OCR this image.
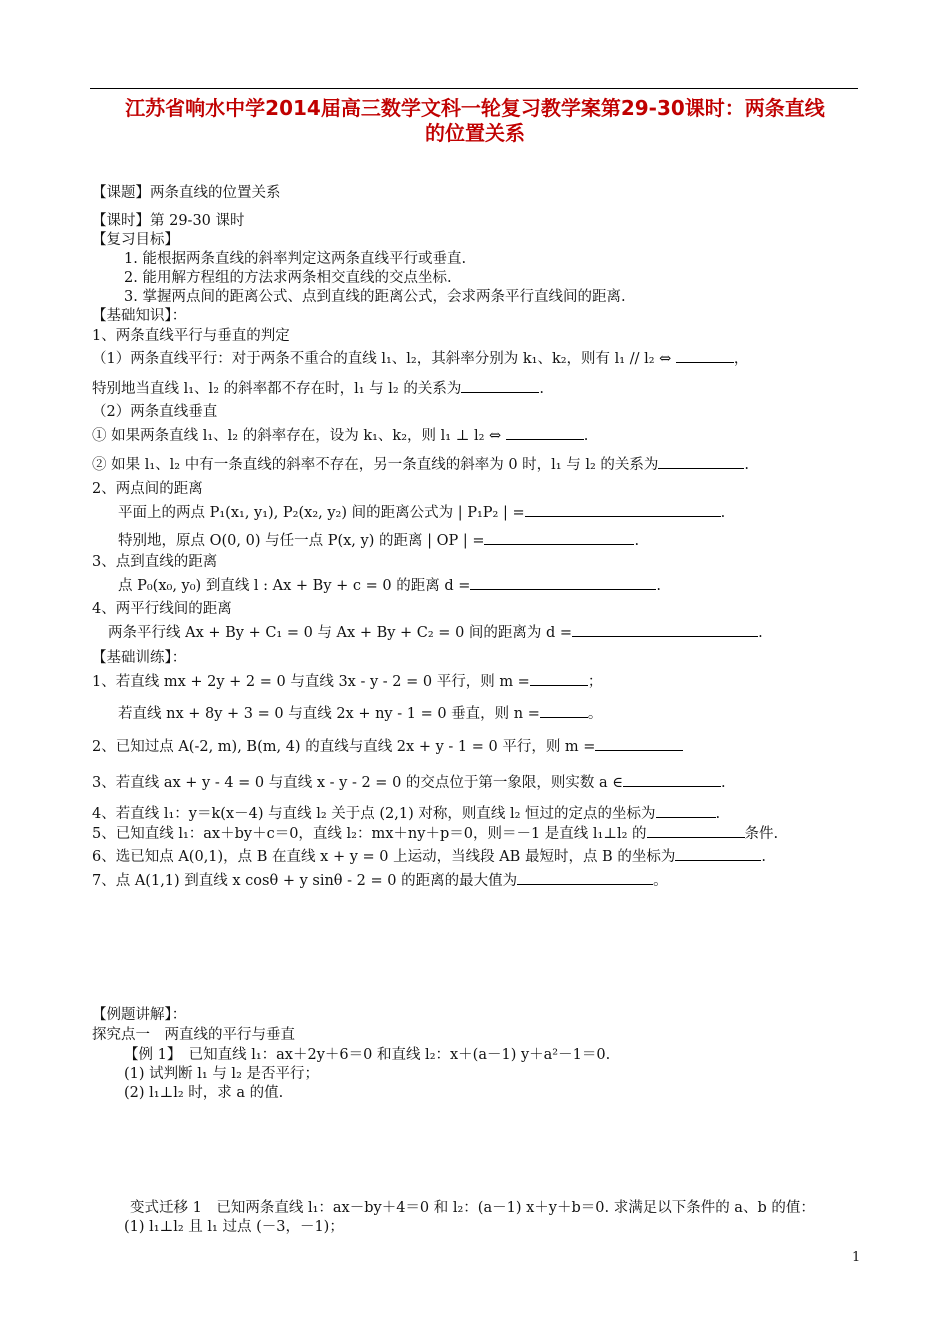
江苏省响水中学2014届高三数学文科一轮复习教学案第29-30课时：两条直线
的位置关系
【课题】两条直线的位置关系
【课时】第 29-30 课时
【复习目标】
1. 能根据两条直线的斜率判定这两条直线平行或垂直.
2. 能用解方程组的方法求两条相交直线的交点坐标.
3. 掌握两点间的距离公式、点到直线的距离公式，会求两条平行直线间的距离.
【基础知识】：
1、两条直线平行与垂直的判定
（1）两条直线平行：对于两条不重合的直线 l₁、l₂，其斜率分别为 k₁、k₂，则有 l₁ // l₂ ⇔	，
特别地当直线 l₁、l₂ 的斜率都不存在时，l₁ 与 l₂ 的关系为	.
（2）两条直线垂直
① 如果两条直线 l₁、l₂ 的斜率存在，设为 k₁、k₂，则 l₁ ⊥ l₂ ⇔	.
② 如果 l₁、l₂ 中有一条直线的斜率不存在，另一条直线的斜率为 0 时，l₁ 与 l₂ 的关系为	.
2、两点间的距离
平面上的两点 P₁(x₁, y₁), P₂(x₂, y₂) 间的距离公式为 | P₁P₂ | =	.
特别地，原点 O(0, 0) 与任一点 P(x, y) 的距离 | OP | =	.
3、点到直线的距离
点 P₀(x₀, y₀) 到直线 l : Ax + By + c = 0 的距离 d =	.
4、两平行线间的距离
两条平行线 Ax + By + C₁ = 0 与 Ax + By + C₂ = 0 间的距离为 d =	.
【基础训练】：
1、若直线 mx + 2y + 2 = 0 与直线 3x - y - 2 = 0 平行，则 m =	；
若直线 nx + 8y + 3 = 0 与直线 2x + ny - 1 = 0 垂直，则 n =	。
2、已知过点 A(-2, m), B(m, 4) 的直线与直线 2x + y - 1 = 0 平行，则 m =
3、若直线 ax + y - 4 = 0 与直线 x - y - 2 = 0 的交点位于第一象限，则实数 a ∈	.
4、若直线 l₁：y＝k(x－4) 与直线 l₂ 关于点 (2,1) 对称，则直线 l₂ 恒过的定点的坐标为	.
5、已知直线 l₁：ax＋by＋c＝0，直线 l₂：mx＋ny＋p＝0，则＝－1 是直线 l₁⊥l₂ 的	条件.
6、选已知点 A(0,1)，点 B 在直线 x + y = 0 上运动，当线段 AB 最短时，点 B 的坐标为	.
7、点 A(1,1) 到直线 x cosθ + y sinθ - 2 = 0 的距离的最大值为	。
【例题讲解】：
探究点一　两直线的平行与垂直
【例 1】　已知直线 l₁：ax＋2y＋6＝0 和直线 l₂：x＋(a－1) y＋a²－1＝0.
(1) 试判断 l₁ 与 l₂ 是否平行；
(2) l₁⊥l₂ 时，求 a 的值.
变式迁移 1　已知两条直线 l₁：ax－by＋4＝0 和 l₂：(a－1) x＋y＋b＝0. 求满足以下条件的 a、b 的值：
(1) l₁⊥l₂ 且 l₁ 过点 (－3，－1)；
1
